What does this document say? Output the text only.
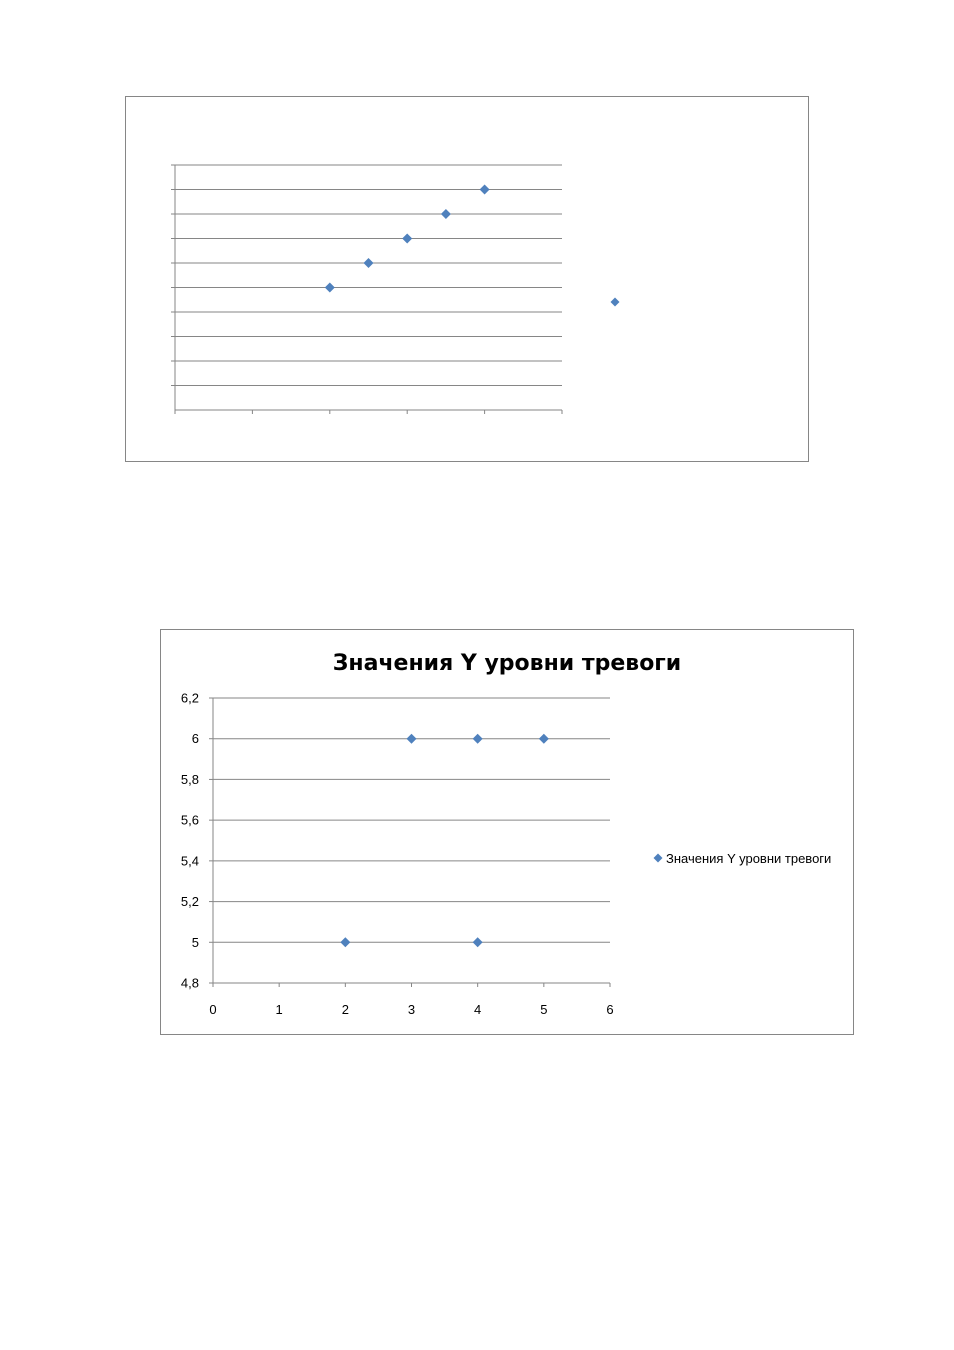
Значения Y уровни тревоги
4,8
5
5,2
5,4
5,6
5,8
6
6,2
0	1	2	3	4	5	6
Значения Y уровни тревоги
